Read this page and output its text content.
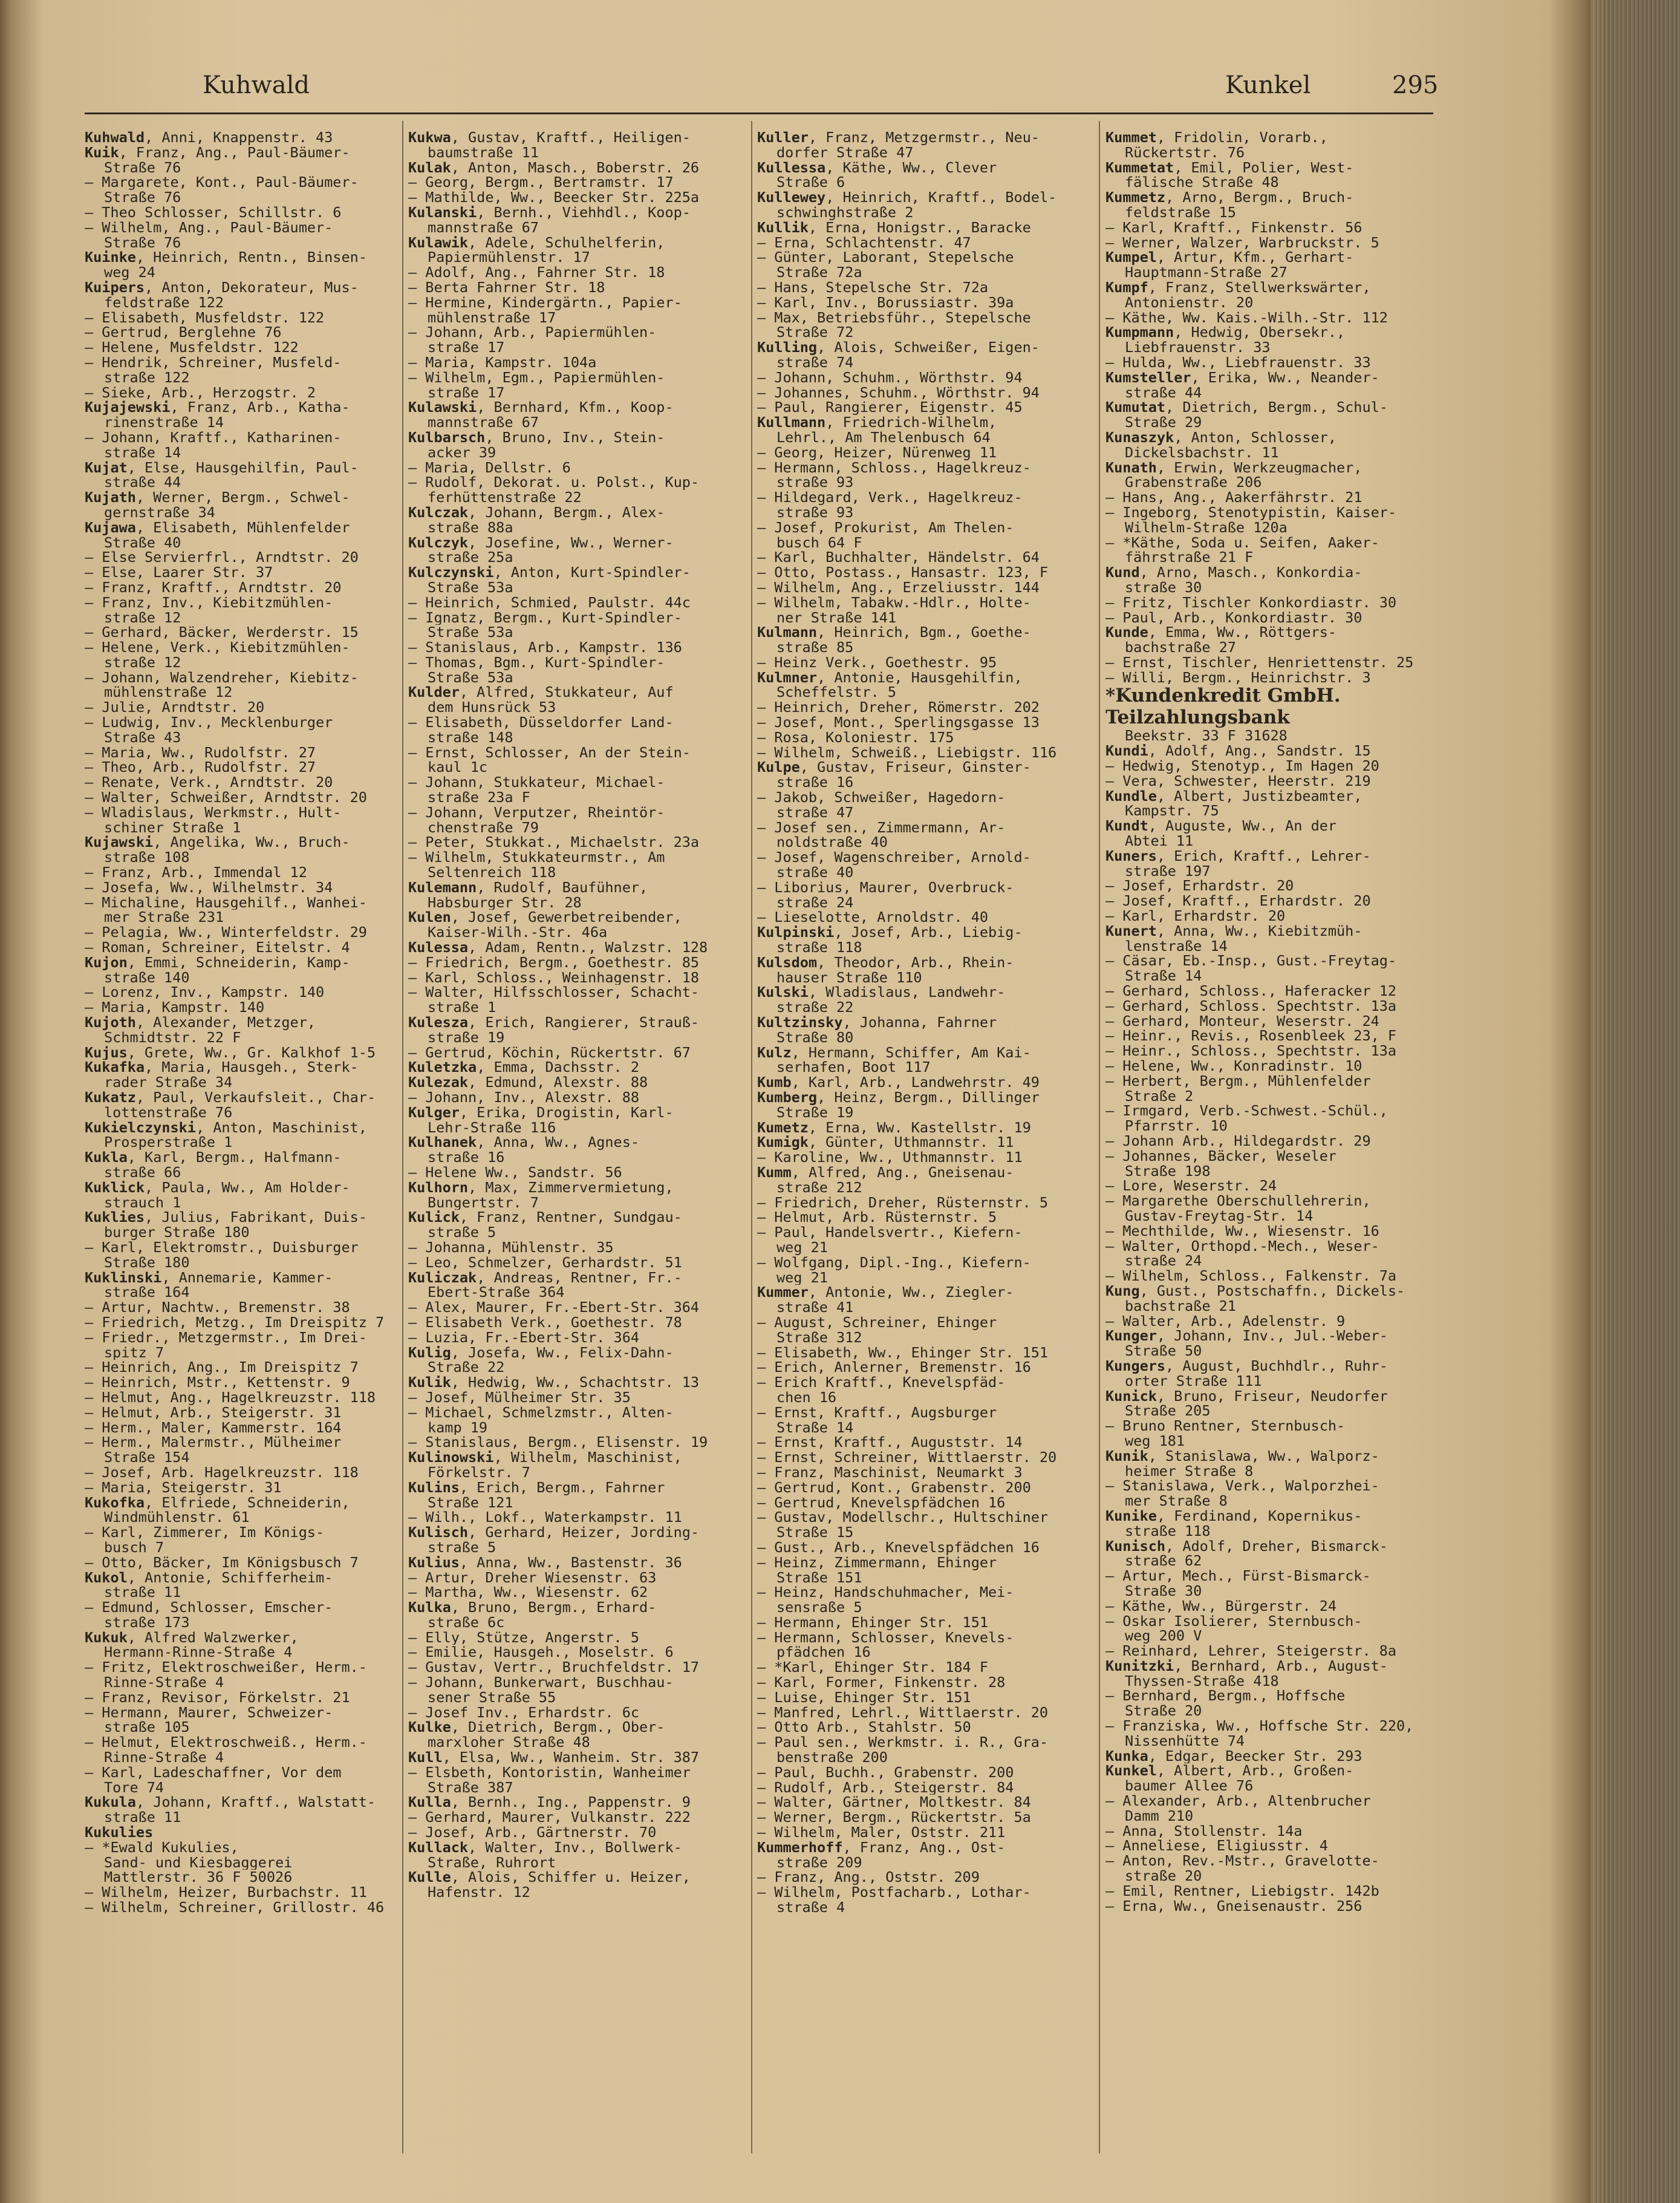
Kuhwald	Kunkel	295
Kuhwald, Anni, Knappenstr. 43
Kuik, Franz, Ang., Paul-Bäumer-
Straße 76
— Margarete, Kont., Paul-Bäumer-
Straße 76
— Theo Schlosser, Schillstr. 6
— Wilhelm, Ang., Paul-Bäumer-
Straße 76
Kuinke, Heinrich, Rentn., Binsen-
weg 24
Kuipers, Anton, Dekorateur, Mus-
feldstraße 122
— Elisabeth, Musfeldstr. 122
— Gertrud, Berglehne 76
— Helene, Musfeldstr. 122
— Hendrik, Schreiner, Musfeld-
straße 122
— Sieke, Arb., Herzogstr. 2
Kujajewski, Franz, Arb., Katha-
rinenstraße 14
— Johann, Kraftf., Katharinen-
straße 14
Kujat, Else, Hausgehilfin, Paul-
straße 44
Kujath, Werner, Bergm., Schwel-
gernstraße 34
Kujawa, Elisabeth, Mühlenfelder
Straße 40
— Else Servierfrl., Arndtstr. 20
— Else, Laarer Str. 37
— Franz, Kraftf., Arndtstr. 20
— Franz, Inv., Kiebitzmühlen-
straße 12
— Gerhard, Bäcker, Werderstr. 15
— Helene, Verk., Kiebitzmühlen-
straße 12
— Johann, Walzendreher, Kiebitz-
mühlenstraße 12
— Julie, Arndtstr. 20
— Ludwig, Inv., Mecklenburger
Straße 43
— Maria, Ww., Rudolfstr. 27
— Theo, Arb., Rudolfstr. 27
— Renate, Verk., Arndtstr. 20
— Walter, Schweißer, Arndtstr. 20
— Wladislaus, Werkmstr., Hult-
schiner Straße 1
Kujawski, Angelika, Ww., Bruch-
straße 108
— Franz, Arb., Immendal 12
— Josefa, Ww., Wilhelmstr. 34
— Michaline, Hausgehilf., Wanhei-
mer Straße 231
— Pelagia, Ww., Winterfeldstr. 29
— Roman, Schreiner, Eitelstr. 4
Kujon, Emmi, Schneiderin, Kamp-
straße 140
— Lorenz, Inv., Kampstr. 140
— Maria, Kampstr. 140
Kujoth, Alexander, Metzger,
Schmidtstr. 22 F
Kujus, Grete, Ww., Gr. Kalkhof 1-5
Kukafka, Maria, Hausgeh., Sterk-
rader Straße 34
Kukatz, Paul, Verkaufsleit., Char-
lottenstraße 76
Kukielczynski, Anton, Maschinist,
Prosperstraße 1
Kukla, Karl, Bergm., Halfmann-
straße 66
Kuklick, Paula, Ww., Am Holder-
strauch 1
Kuklies, Julius, Fabrikant, Duis-
burger Straße 180
— Karl, Elektromstr., Duisburger
Straße 180
Kuklinski, Annemarie, Kammer-
straße 164
— Artur, Nachtw., Bremenstr. 38
— Friedrich, Metzg., Im Dreispitz 7
— Friedr., Metzgermstr., Im Drei-
spitz 7
— Heinrich, Ang., Im Dreispitz 7
— Heinrich, Mstr., Kettenstr. 9
— Helmut, Ang., Hagelkreuzstr. 118
— Helmut, Arb., Steigerstr. 31
— Herm., Maler, Kammerstr. 164
— Herm., Malermstr., Mülheimer
Straße 154
— Josef, Arb. Hagelkreuzstr. 118
— Maria, Steigerstr. 31
Kukofka, Elfriede, Schneiderin,
Windmühlenstr. 61
— Karl, Zimmerer, Im Königs-
busch 7
— Otto, Bäcker, Im Königsbusch 7
Kukol, Antonie, Schifferheim-
straße 11
— Edmund, Schlosser, Emscher-
straße 173
Kukuk, Alfred Walzwerker,
Hermann-Rinne-Straße 4
— Fritz, Elektroschweißer, Herm.-
Rinne-Straße 4
— Franz, Revisor, Förkelstr. 21
— Hermann, Maurer, Schweizer-
straße 105
— Helmut, Elektroschweiß., Herm.-
Rinne-Straße 4
— Karl, Ladeschaffner, Vor dem
Tore 74
Kukula, Johann, Kraftf., Walstatt-
straße 11
Kukulies
— *Ewald Kukulies,
Sand- und Kiesbaggerei
Mattlerstr. 36 F 50026
— Wilhelm, Heizer, Burbachstr. 11
— Wilhelm, Schreiner, Grillostr. 46
Kukwa, Gustav, Kraftf., Heiligen-
baumstraße 11
Kulak, Anton, Masch., Boberstr. 26
— Georg, Bergm., Bertramstr. 17
— Mathilde, Ww., Beecker Str. 225a
Kulanski, Bernh., Viehhdl., Koop-
mannstraße 67
Kulawik, Adele, Schulhelferin,
Papiermühlenstr. 17
— Adolf, Ang., Fahrner Str. 18
— Berta Fahrner Str. 18
— Hermine, Kindergärtn., Papier-
mühlenstraße 17
— Johann, Arb., Papiermühlen-
straße 17
— Maria, Kampstr. 104a
— Wilhelm, Egm., Papiermühlen-
straße 17
Kulawski, Bernhard, Kfm., Koop-
mannstraße 67
Kulbarsch, Bruno, Inv., Stein-
acker 39
— Maria, Dellstr. 6
— Rudolf, Dekorat. u. Polst., Kup-
ferhüttenstraße 22
Kulczak, Johann, Bergm., Alex-
straße 88a
Kulczyk, Josefine, Ww., Werner-
straße 25a
Kulczynski, Anton, Kurt-Spindler-
Straße 53a
— Heinrich, Schmied, Paulstr. 44c
— Ignatz, Bergm., Kurt-Spindler-
Straße 53a
— Stanislaus, Arb., Kampstr. 136
— Thomas, Bgm., Kurt-Spindler-
Straße 53a
Kulder, Alfred, Stukkateur, Auf
dem Hunsrück 53
— Elisabeth, Düsseldorfer Land-
straße 148
— Ernst, Schlosser, An der Stein-
kaul 1c
— Johann, Stukkateur, Michael-
straße 23a F
— Johann, Verputzer, Rheintör-
chenstraße 79
— Peter, Stukkat., Michaelstr. 23a
— Wilhelm, Stukkateurmstr., Am
Seltenreich 118
Kulemann, Rudolf, Baufühner,
Habsburger Str. 28
Kulen, Josef, Gewerbetreibender,
Kaiser-Wilh.-Str. 46a
Kulessa, Adam, Rentn., Walzstr. 128
— Friedrich, Bergm., Goethestr. 85
— Karl, Schloss., Weinhagenstr. 18
— Walter, Hilfsschlosser, Schacht-
straße 1
Kulesza, Erich, Rangierer, Strauß-
straße 19
— Gertrud, Köchin, Rückertstr. 67
Kuletzka, Emma, Dachsstr. 2
Kulezak, Edmund, Alexstr. 88
— Johann, Inv., Alexstr. 88
Kulger, Erika, Drogistin, Karl-
Lehr-Straße 116
Kulhanek, Anna, Ww., Agnes-
straße 16
— Helene Ww., Sandstr. 56
Kulhorn, Max, Zimmervermietung,
Bungertstr. 7
Kulick, Franz, Rentner, Sundgau-
straße 5
— Johanna, Mühlenstr. 35
— Leo, Schmelzer, Gerhardstr. 51
Kuliczak, Andreas, Rentner, Fr.-
Ebert-Straße 364
— Alex, Maurer, Fr.-Ebert-Str. 364
— Elisabeth Verk., Goethestr. 78
— Luzia, Fr.-Ebert-Str. 364
Kulig, Josefa, Ww., Felix-Dahn-
Straße 22
Kulik, Hedwig, Ww., Schachtstr. 13
— Josef, Mülheimer Str. 35
— Michael, Schmelzmstr., Alten-
kamp 19
— Stanislaus, Bergm., Elisenstr. 19
Kulinowski, Wilhelm, Maschinist,
Förkelstr. 7
Kulins, Erich, Bergm., Fahrner
Straße 121
— Wilh., Lokf., Waterkampstr. 11
Kulisch, Gerhard, Heizer, Jording-
straße 5
Kulius, Anna, Ww., Bastenstr. 36
— Artur, Dreher Wiesenstr. 63
— Martha, Ww., Wiesenstr. 62
Kulka, Bruno, Bergm., Erhard-
straße 6c
— Elly, Stütze, Angerstr. 5
— Emilie, Hausgeh., Moselstr. 6
— Gustav, Vertr., Bruchfeldstr. 17
— Johann, Bunkerwart, Buschhau-
sener Straße 55
— Josef Inv., Erhardstr. 6c
Kulke, Dietrich, Bergm., Ober-
marxloher Straße 48
Kull, Elsa, Ww., Wanheim. Str. 387
— Elsbeth, Kontoristin, Wanheimer
Straße 387
Kulla, Bernh., Ing., Pappenstr. 9
— Gerhard, Maurer, Vulkanstr. 222
— Josef, Arb., Gärtnerstr. 70
Kullack, Walter, Inv., Bollwerk-
Straße, Ruhrort
Kulle, Alois, Schiffer u. Heizer,
Hafenstr. 12
Kuller, Franz, Metzgermstr., Neu-
dorfer Straße 47
Kullessa, Käthe, Ww., Clever
Straße 6
Kullewey, Heinrich, Kraftf., Bodel-
schwinghstraße 2
Kullik, Erna, Honigstr., Baracke
— Erna, Schlachtenstr. 47
— Günter, Laborant, Stepelsche
Straße 72a
— Hans, Stepelsche Str. 72a
— Karl, Inv., Borussiastr. 39a
— Max, Betriebsführ., Stepelsche
Straße 72
Kulling, Alois, Schweißer, Eigen-
straße 74
— Johann, Schuhm., Wörthstr. 94
— Johannes, Schuhm., Wörthstr. 94
— Paul, Rangierer, Eigenstr. 45
Kullmann, Friedrich-Wilhelm,
Lehrl., Am Thelenbusch 64
— Georg, Heizer, Nürenweg 11
— Hermann, Schloss., Hagelkreuz-
straße 93
— Hildegard, Verk., Hagelkreuz-
straße 93
— Josef, Prokurist, Am Thelen-
busch 64 F
— Karl, Buchhalter, Händelstr. 64
— Otto, Postass., Hansastr. 123, F
— Wilhelm, Ang., Erzeliusstr. 144
— Wilhelm, Tabakw.-Hdlr., Holte-
ner Straße 141
Kulmann, Heinrich, Bgm., Goethe-
straße 85
— Heinz Verk., Goethestr. 95
Kulmner, Antonie, Hausgehilfin,
Scheffelstr. 5
— Heinrich, Dreher, Römerstr. 202
— Josef, Mont., Sperlingsgasse 13
— Rosa, Koloniestr. 175
— Wilhelm, Schweiß., Liebigstr. 116
Kulpe, Gustav, Friseur, Ginster-
straße 16
— Jakob, Schweißer, Hagedorn-
straße 47
— Josef sen., Zimmermann, Ar-
noldstraße 40
— Josef, Wagenschreiber, Arnold-
straße 40
— Liborius, Maurer, Overbruck-
straße 24
— Lieselotte, Arnoldstr. 40
Kulpinski, Josef, Arb., Liebig-
straße 118
Kulsdom, Theodor, Arb., Rhein-
hauser Straße 110
Kulski, Wladislaus, Landwehr-
straße 22
Kultzinsky, Johanna, Fahrner
Straße 80
Kulz, Hermann, Schiffer, Am Kai-
serhafen, Boot 117
Kumb, Karl, Arb., Landwehrstr. 49
Kumberg, Heinz, Bergm., Dillinger
Straße 19
Kumetz, Erna, Ww. Kastellstr. 19
Kumigk, Günter, Uthmannstr. 11
— Karoline, Ww., Uthmannstr. 11
Kumm, Alfred, Ang., Gneisenau-
straße 212
— Friedrich, Dreher, Rüsternstr. 5
— Helmut, Arb. Rüsternstr. 5
— Paul, Handelsvertr., Kiefern-
weg 21
— Wolfgang, Dipl.-Ing., Kiefern-
weg 21
Kummer, Antonie, Ww., Ziegler-
straße 41
— August, Schreiner, Ehinger
Straße 312
— Elisabeth, Ww., Ehinger Str. 151
— Erich, Anlerner, Bremenstr. 16
— Erich Kraftf., Knevelspfäd-
chen 16
— Ernst, Kraftf., Augsburger
Straße 14
— Ernst, Kraftf., Auguststr. 14
— Ernst, Schreiner, Wittlaerstr. 20
— Franz, Maschinist, Neumarkt 3
— Gertrud, Kont., Grabenstr. 200
— Gertrud, Knevelspfädchen 16
— Gustav, Modellschr., Hultschiner
Straße 15
— Gust., Arb., Knevelspfädchen 16
— Heinz, Zimmermann, Ehinger
Straße 151
— Heinz, Handschuhmacher, Mei-
sensraße 5
— Hermann, Ehinger Str. 151
— Hermann, Schlosser, Knevels-
pfädchen 16
— *Karl, Ehinger Str. 184 F
— Karl, Former, Finkenstr. 28
— Luise, Ehinger Str. 151
— Manfred, Lehrl., Wittlaerstr. 20
— Otto Arb., Stahlstr. 50
— Paul sen., Werkmstr. i. R., Gra-
benstraße 200
— Paul, Buchh., Grabenstr. 200
— Rudolf, Arb., Steigerstr. 84
— Walter, Gärtner, Moltkestr. 84
— Werner, Bergm., Rückertstr. 5a
— Wilhelm, Maler, Oststr. 211
Kummerhoff, Franz, Ang., Ost-
straße 209
— Franz, Ang., Oststr. 209
— Wilhelm, Postfacharb., Lothar-
straße 4
Kummet, Fridolin, Vorarb.,
Rückertstr. 76
Kummetat, Emil, Polier, West-
fälische Straße 48
Kummetz, Arno, Bergm., Bruch-
feldstraße 15
— Karl, Kraftf., Finkenstr. 56
— Werner, Walzer, Warbruckstr. 5
Kumpel, Artur, Kfm., Gerhart-
Hauptmann-Straße 27
Kumpf, Franz, Stellwerkswärter,
Antonienstr. 20
— Käthe, Ww. Kais.-Wilh.-Str. 112
Kumpmann, Hedwig, Obersekr.,
Liebfrauenstr. 33
— Hulda, Ww., Liebfrauenstr. 33
Kumsteller, Erika, Ww., Neander-
straße 44
Kumutat, Dietrich, Bergm., Schul-
Straße 29
Kunaszyk, Anton, Schlosser,
Dickelsbachstr. 11
Kunath, Erwin, Werkzeugmacher,
Grabenstraße 206
— Hans, Ang., Aakerfährstr. 21
— Ingeborg, Stenotypistin, Kaiser-
Wilhelm-Straße 120a
— *Käthe, Soda u. Seifen, Aaker-
fährstraße 21 F
Kund, Arno, Masch., Konkordia-
straße 30
— Fritz, Tischler Konkordiastr. 30
— Paul, Arb., Konkordiastr. 30
Kunde, Emma, Ww., Röttgers-
bachstraße 27
— Ernst, Tischler, Henriettenstr. 25
— Willi, Bergm., Heinrichstr. 3
*Kundenkredit GmbH.
Teilzahlungsbank
Beekstr. 33 F 31628
Kundi, Adolf, Ang., Sandstr. 15
— Hedwig, Stenotyp., Im Hagen 20
— Vera, Schwester, Heerstr. 219
Kundle, Albert, Justizbeamter,
Kampstr. 75
Kundt, Auguste, Ww., An der
Abtei 11
Kuners, Erich, Kraftf., Lehrer-
straße 197
— Josef, Erhardstr. 20
— Josef, Kraftf., Erhardstr. 20
— Karl, Erhardstr. 20
Kunert, Anna, Ww., Kiebitzmüh-
lenstraße 14
— Cäsar, Eb.-Insp., Gust.-Freytag-
Straße 14
— Gerhard, Schloss., Haferacker 12
— Gerhard, Schloss. Spechtstr. 13a
— Gerhard, Monteur, Weserstr. 24
— Heinr., Revis., Rosenbleek 23, F
— Heinr., Schloss., Spechtstr. 13a
— Helene, Ww., Konradinstr. 10
— Herbert, Bergm., Mühlenfelder
Straße 2
— Irmgard, Verb.-Schwest.-Schül.,
Pfarrstr. 10
— Johann Arb., Hildegardstr. 29
— Johannes, Bäcker, Weseler
Straße 198
— Lore, Weserstr. 24
— Margarethe Oberschullehrerin,
Gustav-Freytag-Str. 14
— Mechthilde, Ww., Wiesenstr. 16
— Walter, Orthopd.-Mech., Weser-
straße 24
— Wilhelm, Schloss., Falkenstr. 7a
Kung, Gust., Postschaffn., Dickels-
bachstraße 21
— Walter, Arb., Adelenstr. 9
Kunger, Johann, Inv., Jul.-Weber-
Straße 50
Kungers, August, Buchhdlr., Ruhr-
orter Straße 111
Kunick, Bruno, Friseur, Neudorfer
Straße 205
— Bruno Rentner, Sternbusch-
weg 181
Kunik, Stanislawa, Ww., Walporz-
heimer Straße 8
— Stanislawa, Verk., Walporzhei-
mer Straße 8
Kunike, Ferdinand, Kopernikus-
straße 118
Kunisch, Adolf, Dreher, Bismarck-
straße 62
— Artur, Mech., Fürst-Bismarck-
Straße 30
— Käthe, Ww., Bürgerstr. 24
— Oskar Isolierer, Sternbusch-
weg 200 V
— Reinhard, Lehrer, Steigerstr. 8a
Kunitzki, Bernhard, Arb., August-
Thyssen-Straße 418
— Bernhard, Bergm., Hoffsche
Straße 20
— Franziska, Ww., Hoffsche Str. 220,
Nissenhütte 74
Kunka, Edgar, Beecker Str. 293
Kunkel, Albert, Arb., Großen-
baumer Allee 76
— Alexander, Arb., Altenbrucher
Damm 210
— Anna, Stollenstr. 14a
— Anneliese, Eligiusstr. 4
— Anton, Rev.-Mstr., Gravelotte-
straße 20
— Emil, Rentner, Liebigstr. 142b
— Erna, Ww., Gneisenaustr. 256
